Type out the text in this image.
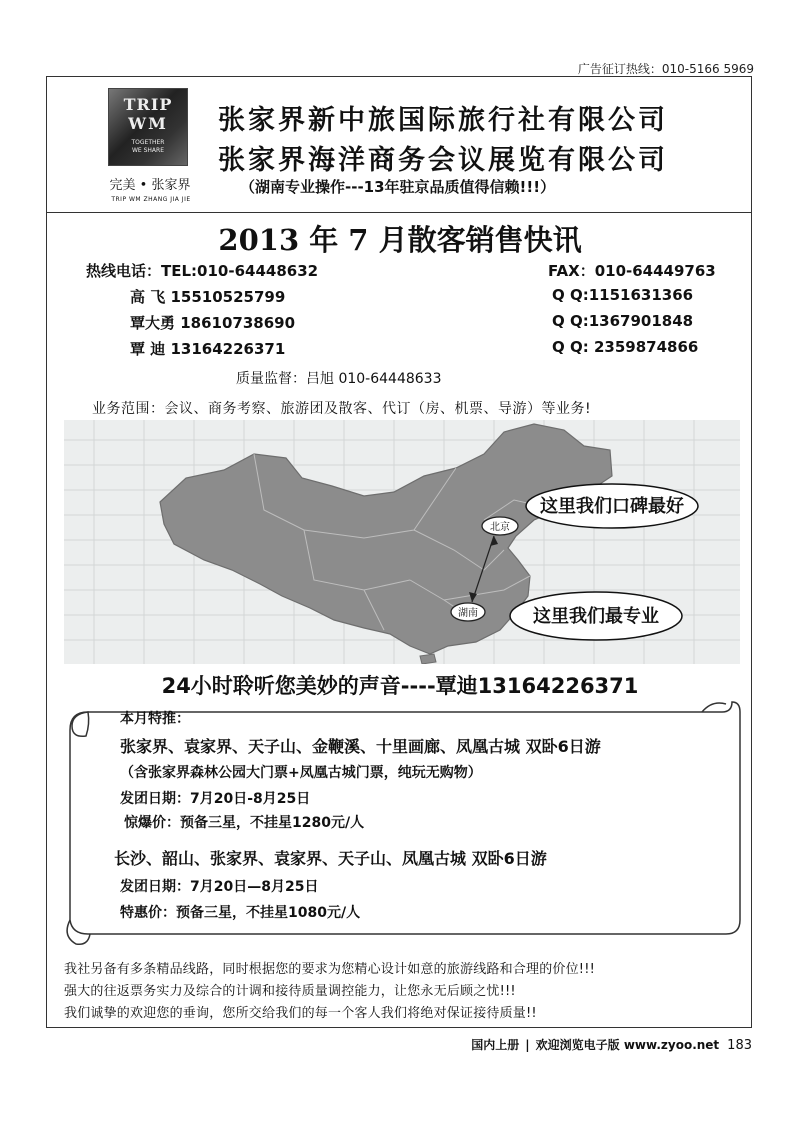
广告征订热线：010-5166 5969
TRIP
WM
TOGETHER
WE SHARE
完美 • 张家界
TRIP WM ZHANG JIA JIE
张家界新中旅国际旅行社有限公司
张家界海洋商务会议展览有限公司
（湖南专业操作---13年驻京品质值得信赖!!!）
2013 年 7 月散客销售快讯
热线电话：TEL:010-64448632	FAX：010-64449763
高 飞 15510525799	Q Q:1151631366
覃大勇 18610738690	Q Q:1367901848
覃 迪 13164226371	Q Q: 2359874866
质量监督：吕旭 010-64448633
业务范围：会议、商务考察、旅游团及散客、代订（房、机票、导游）等业务!
北京
湖南
这里我们口碑最好
这里我们最专业
24小时聆听您美妙的声音----覃迪13164226371
本月特推：
张家界、袁家界、天子山、金鞭溪、十里画廊、凤凰古城 双卧6日游
（含张家界森林公园大门票+凤凰古城门票，纯玩无购物）
发团日期：7月20日-8月25日
惊爆价：预备三星，不挂星1280元/人
长沙、韶山、张家界、袁家界、天子山、凤凰古城 双卧6日游
发团日期：7月20日—8月25日
特惠价：预备三星，不挂星1080元/人
我社另备有多条精品线路，同时根据您的要求为您精心设计如意的旅游线路和合理的价位!!!
强大的往返票务实力及综合的计调和接待质量调控能力，让您永无后顾之忧!!!
我们诚挚的欢迎您的垂询，您所交给我们的每一个客人我们将绝对保证接待质量!!
国内上册 | 欢迎浏览电子版 www.zyoo.net 183
